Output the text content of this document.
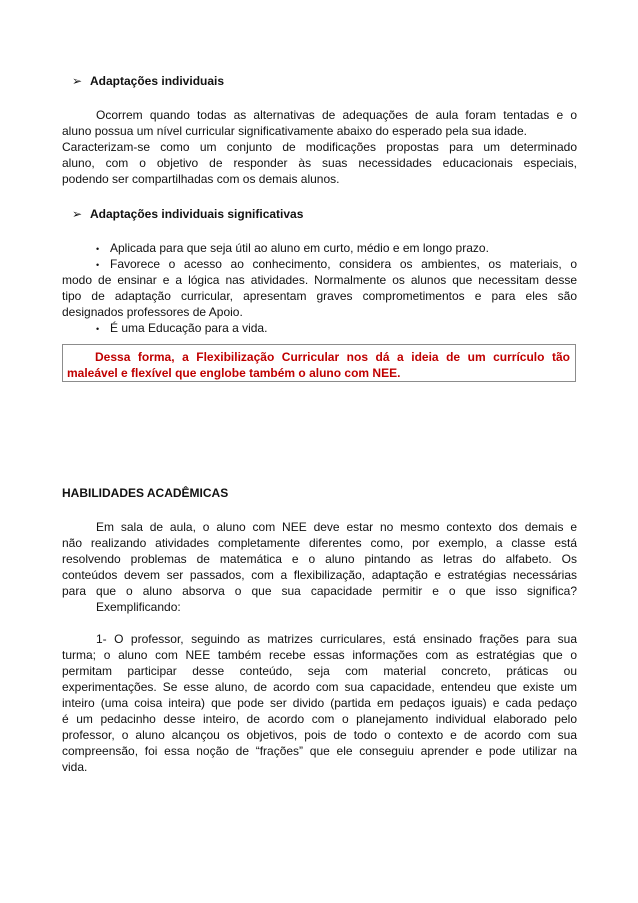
➢ Adaptações individuais
Ocorrem quando todas as alternativas de adequações de aula foram tentadas e o
aluno possua um nível curricular significativamente abaixo do esperado pela sua idade.
Caracterizam-se como um conjunto de modificações propostas para um determinado
aluno, com o objetivo de responder às suas necessidades educacionais especiais,
podendo ser compartilhadas com os demais alunos.
➢ Adaptações individuais significativas
• Aplicada para que seja útil ao aluno em curto, médio e em longo prazo.
• Favorece o acesso ao conhecimento, considera os ambientes, os materiais, o
modo de ensinar e a lógica nas atividades. Normalmente os alunos que necessitam desse
tipo de adaptação curricular, apresentam graves comprometimentos e para eles são
designados professores de Apoio.
• É uma Educação para a vida.
Dessa forma, a Flexibilização Curricular nos dá a ideia de um currículo tão
maleável e flexível que englobe também o aluno com NEE.
HABILIDADES ACADÊMICAS
Em sala de aula, o aluno com NEE deve estar no mesmo contexto dos demais e
não realizando atividades completamente diferentes como, por exemplo, a classe está
resolvendo problemas de matemática e o aluno pintando as letras do alfabeto. Os
conteúdos devem ser passados, com a flexibilização, adaptação e estratégias necessárias
para que o aluno absorva o que sua capacidade permitir e o que isso significa?
Exemplificando:
1- O professor, seguindo as matrizes curriculares, está ensinado frações para sua
turma; o aluno com NEE também recebe essas informações com as estratégias que o
permitam participar desse conteúdo, seja com material concreto, práticas ou
experimentações. Se esse aluno, de acordo com sua capacidade, entendeu que existe um
inteiro (uma coisa inteira) que pode ser divido (partida em pedaços iguais) e cada pedaço
é um pedacinho desse inteiro, de acordo com o planejamento individual elaborado pelo
professor, o aluno alcançou os objetivos, pois de todo o contexto e de acordo com sua
compreensão, foi essa noção de “frações” que ele conseguiu aprender e pode utilizar na
vida.
